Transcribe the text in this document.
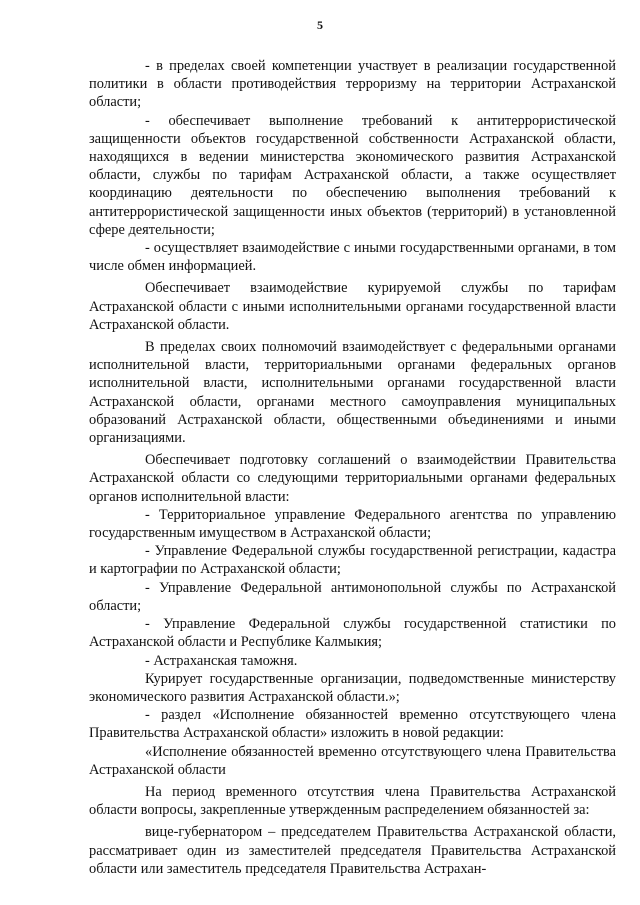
5

- в пределах своей компетенции участвует в реализации государственной политики в области противодействия терроризму на территории Астраханской области;

- обеспечивает выполнение требований к антитеррористической защищенности объектов государственной собственности Астраханской области, находящихся в ведении министерства экономического развития Астраханской области, службы по тарифам Астраханской области, а также осуществляет координацию деятельности по обеспечению выполнения требований к антитеррористической защищенности иных объектов (территорий) в установленной сфере деятельности;

- осуществляет взаимодействие с иными государственными органами, в том числе обмен информацией.

Обеспечивает взаимодействие курируемой службы по тарифам Астраханской области с иными исполнительными органами государственной власти Астраханской области.

В пределах своих полномочий взаимодействует с федеральными органами исполнительной власти, территориальными органами федеральных органов исполнительной власти, исполнительными органами государственной власти Астраханской области, органами местного самоуправления муниципальных образований Астраханской области, общественными объединениями и иными организациями.

Обеспечивает подготовку соглашений о взаимодействии Правительства Астраханской области со следующими территориальными органами федеральных органов исполнительной власти:

- Территориальное управление Федерального агентства по управлению государственным имуществом в Астраханской области;

- Управление Федеральной службы государственной регистрации, кадастра и картографии по Астраханской области;

- Управление Федеральной антимонопольной службы по Астраханской области;

- Управление Федеральной службы государственной статистики по Астраханской области и Республике Калмыкия;

- Астраханская таможня.

Курирует государственные организации, подведомственные министерству экономического развития Астраханской области.»;

- раздел «Исполнение обязанностей временно отсутствующего члена Правительства Астраханской области» изложить в новой редакции:

«Исполнение обязанностей временно отсутствующего члена Правительства Астраханской области

На период временного отсутствия члена Правительства Астраханской области вопросы, закрепленные утвержденным распределением обязанностей за:

вице-губернатором – председателем Правительства Астраханской области, рассматривает один из заместителей председателя Правительства Астраханской области или заместитель председателя Правительства Астрахан-
